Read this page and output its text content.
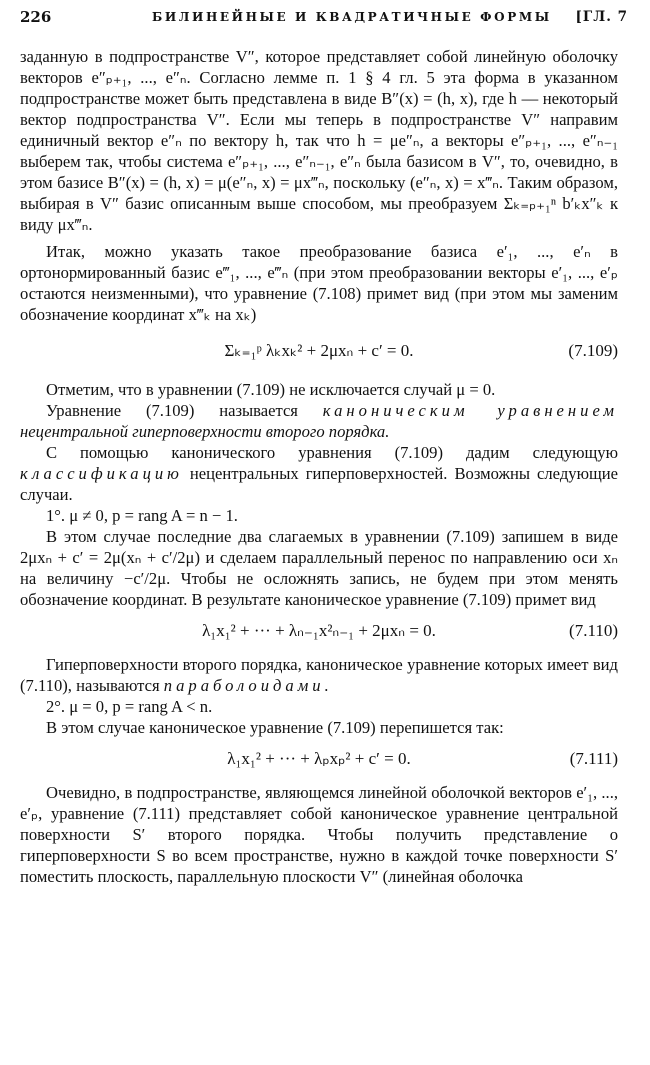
226	БИЛИНЕЙНЫЕ И КВАДРАТИЧНЫЕ ФОРМЫ [ГЛ. 7

заданную в подпространстве V″, которое представляет собой линейную оболочку векторов e″ₚ₊₁, ..., e″ₙ. Согласно лемме п. 1 § 4 гл. 5 эта форма в указанном подпространстве может быть представлена в виде B″(x) = (h, x), где h — некоторый вектор подпространства V″. Если мы теперь в подпространстве V″ направим единичный вектор e″ₙ по вектору h, так что h = μe″ₙ, а векторы e″ₚ₊₁, ..., e″ₙ₋₁ выберем так, чтобы система e″ₚ₊₁, ..., e″ₙ₋₁, e″ₙ была базисом в V″, то, очевидно, в этом базисе B″(x) = (h, x) = μ(e″ₙ, x) = μx‴ₙ, поскольку (e″ₙ, x) = x‴ₙ. Таким образом, выбирая в V″ базис описанным выше способом, мы преобразуем Σₖ₌ₚ₊₁ⁿ b′ₖx″ₖ к виду μx‴ₙ.

Итак, можно указать такое преобразование базиса e′₁, ..., e′ₙ в ортонормированный базис e‴₁, ..., e‴ₙ (при этом преобразовании векторы e′₁, ..., e′ₚ остаются неизменными), что уравнение (7.108) примет вид (при этом мы заменим обозначение координат x‴ₖ на xₖ)

Σₖ₌₁ᵖ λₖxₖ² + 2μxₙ + c′ = 0.	(7.109)

Отметим, что в уравнении (7.109) не исключается случай μ = 0.

Уравнение (7.109) называется каноническим уравнением нецентральной гиперповерхности второго порядка.

С помощью канонического уравнения (7.109) дадим следующую классификацию нецентральных гиперповерхностей. Возможны следующие случаи.

1°. μ ≠ 0, p = rang A = n − 1.

В этом случае последние два слагаемых в уравнении (7.109) запишем в виде 2μxₙ + c′ = 2μ(xₙ + c′/2μ) и сделаем параллельный перенос по направлению оси xₙ на величину −c′/2μ. Чтобы не осложнять запись, не будем при этом менять обозначение координат. В результате каноническое уравнение (7.109) примет вид

λ₁x₁² + ··· + λₙ₋₁x²ₙ₋₁ + 2μxₙ = 0.	(7.110)

Гиперповерхности второго порядка, каноническое уравнение которых имеет вид (7.110), называются параболоидами.

2°. μ = 0, p = rang A < n.

В этом случае каноническое уравнение (7.109) перепишется так:

λ₁x₁² + ··· + λₚxₚ² + c′ = 0.	(7.111)

Очевидно, в подпространстве, являющемся линейной оболочкой векторов e′₁, ..., e′ₚ, уравнение (7.111) представляет собой каноническое уравнение центральной поверхности S′ второго порядка. Чтобы получить представление о гиперповерхности S во всем пространстве, нужно в каждой точке поверхности S′ поместить плоскость, параллельную плоскости V″ (линейная оболочка
